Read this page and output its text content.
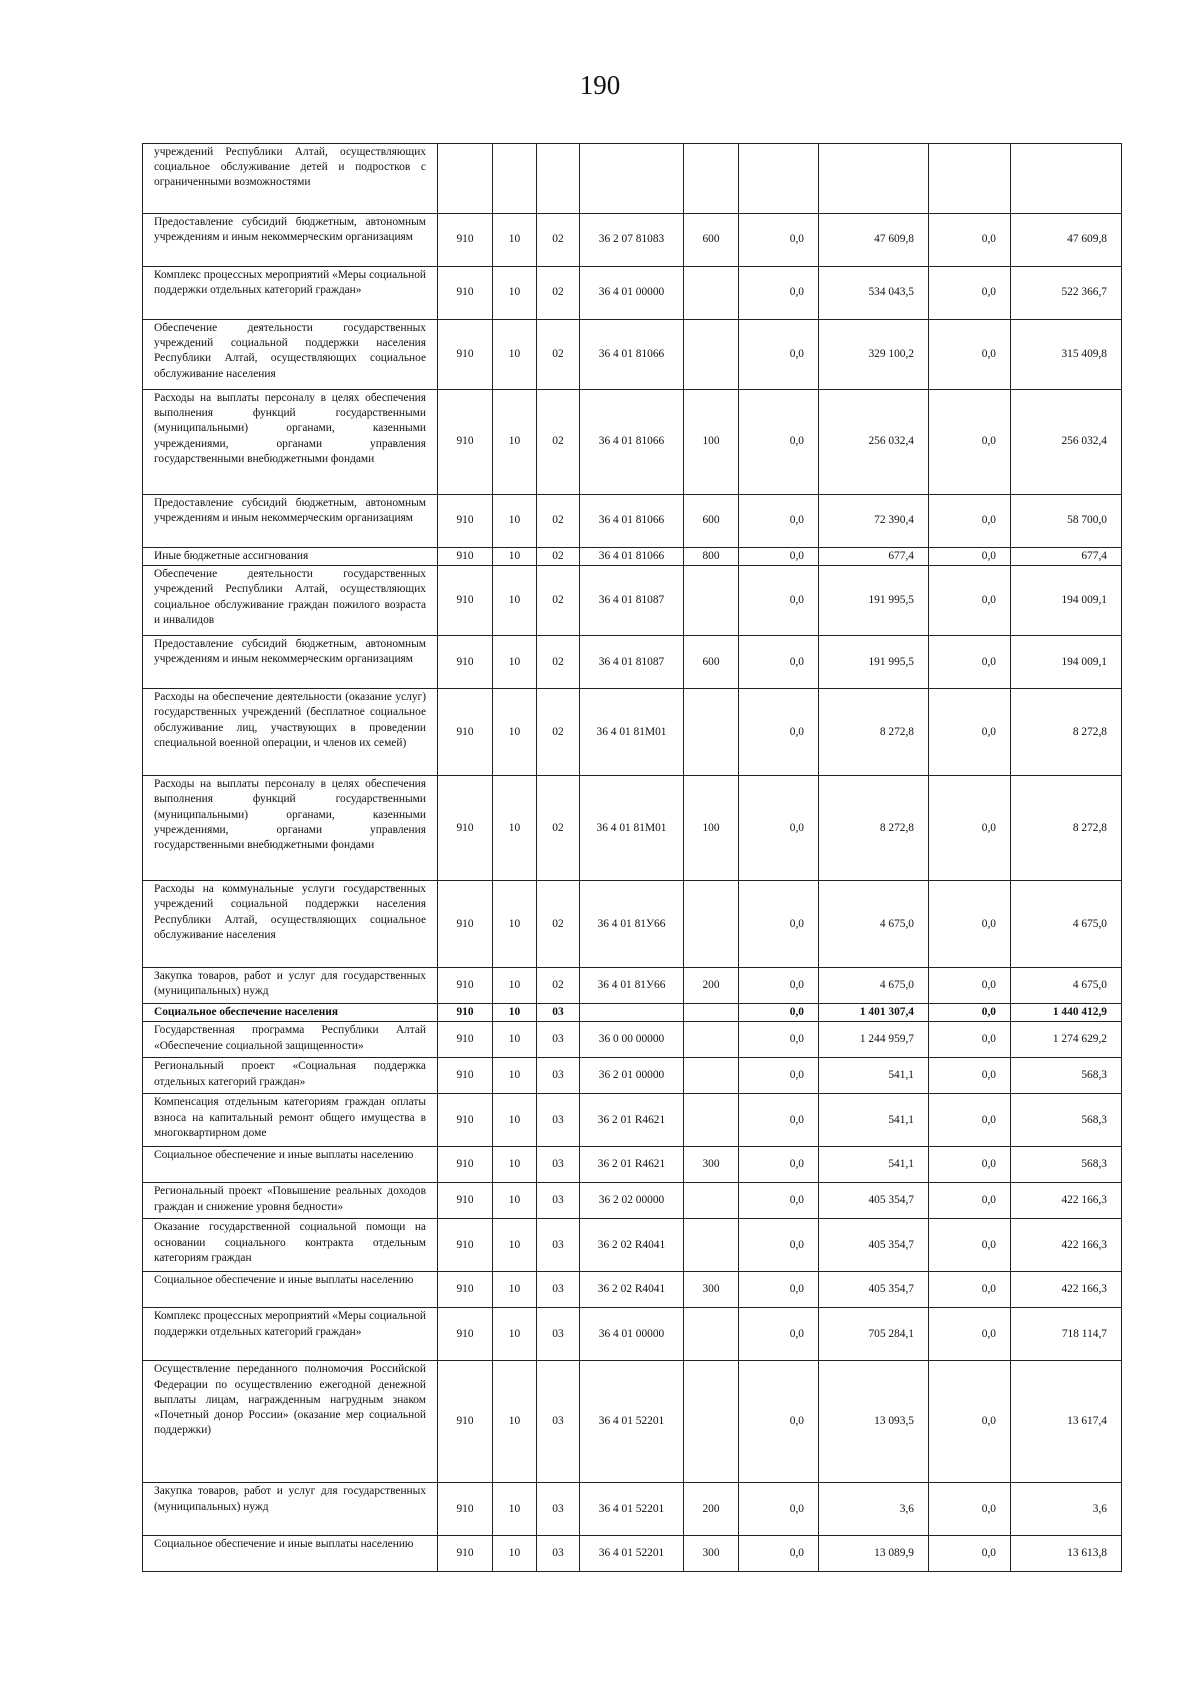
190
учреждений Республики Алтай, осуществляющих социальное обслуживание детей и подростков с ограниченными возможностями									
Предоставление субсидий бюджетным, автономным учреждениям и иным некоммерческим организациям	910	10	02	36 2 07 81083	600	0,0	47 609,8	0,0	47 609,8
Комплекс процессных мероприятий «Меры социальной поддержки отдельных категорий граждан»	910	10	02	36 4 01 00000		0,0	534 043,5	0,0	522 366,7
Обеспечение деятельности государственных учреждений социальной поддержки населения Республики Алтай, осуществляющих социальное обслуживание населения	910	10	02	36 4 01 81066		0,0	329 100,2	0,0	315 409,8
Расходы на выплаты персоналу в целях обеспечения выполнения функций государственными (муниципальными) органами, казенными учреждениями, органами управления государственными внебюджетными фондами	910	10	02	36 4 01 81066	100	0,0	256 032,4	0,0	256 032,4
Предоставление субсидий бюджетным, автономным учреждениям и иным некоммерческим организациям	910	10	02	36 4 01 81066	600	0,0	72 390,4	0,0	58 700,0
Иные бюджетные ассигнования	910	10	02	36 4 01 81066	800	0,0	677,4	0,0	677,4
Обеспечение деятельности государственных учреждений Республики Алтай, осуществляющих социальное обслуживание граждан пожилого возраста и инвалидов	910	10	02	36 4 01 81087		0,0	191 995,5	0,0	194 009,1
Предоставление субсидий бюджетным, автономным учреждениям и иным некоммерческим организациям	910	10	02	36 4 01 81087	600	0,0	191 995,5	0,0	194 009,1
Расходы на обеспечение деятельности (оказание услуг) государственных учреждений (бесплатное социальное обслуживание лиц, участвующих в проведении специальной военной операции, и членов их семей)	910	10	02	36 4 01 81М01		0,0	8 272,8	0,0	8 272,8
Расходы на выплаты персоналу в целях обеспечения выполнения функций государственными (муниципальными) органами, казенными учреждениями, органами управления государственными внебюджетными фондами	910	10	02	36 4 01 81М01	100	0,0	8 272,8	0,0	8 272,8
Расходы на коммунальные услуги государственных учреждений социальной поддержки населения Республики Алтай, осуществляющих социальное обслуживание населения	910	10	02	36 4 01 81У66		0,0	4 675,0	0,0	4 675,0
Закупка товаров, работ и услуг для государственных (муниципальных) нужд	910	10	02	36 4 01 81У66	200	0,0	4 675,0	0,0	4 675,0
Социальное обеспечение населения	910	10	03			0,0	1 401 307,4	0,0	1 440 412,9
Государственная программа Республики Алтай «Обеспечение социальной защищенности»	910	10	03	36 0 00 00000		0,0	1 244 959,7	0,0	1 274 629,2
Региональный проект «Социальная поддержка отдельных категорий граждан»	910	10	03	36 2 01 00000		0,0	541,1	0,0	568,3
Компенсация отдельным категориям граждан оплаты взноса на капитальный ремонт общего имущества в многоквартирном доме	910	10	03	36 2 01 R4621		0,0	541,1	0,0	568,3
Социальное обеспечение и иные выплаты населению	910	10	03	36 2 01 R4621	300	0,0	541,1	0,0	568,3
Региональный проект «Повышение реальных доходов граждан и снижение уровня бедности»	910	10	03	36 2 02 00000		0,0	405 354,7	0,0	422 166,3
Оказание государственной социальной помощи на основании социального контракта отдельным категориям граждан	910	10	03	36 2 02 R4041		0,0	405 354,7	0,0	422 166,3
Социальное обеспечение и иные выплаты населению	910	10	03	36 2 02 R4041	300	0,0	405 354,7	0,0	422 166,3
Комплекс процессных мероприятий «Меры социальной поддержки отдельных категорий граждан»	910	10	03	36 4 01 00000		0,0	705 284,1	0,0	718 114,7
Осуществление переданного полномочия Российской Федерации по осуществлению ежегодной денежной выплаты лицам, награжденным нагрудным знаком «Почетный донор России» (оказание мер социальной поддержки)	910	10	03	36 4 01 52201		0,0	13 093,5	0,0	13 617,4
Закупка товаров, работ и услуг для государственных (муниципальных) нужд	910	10	03	36 4 01 52201	200	0,0	3,6	0,0	3,6
Социальное обеспечение и иные выплаты населению	910	10	03	36 4 01 52201	300	0,0	13 089,9	0,0	13 613,8
